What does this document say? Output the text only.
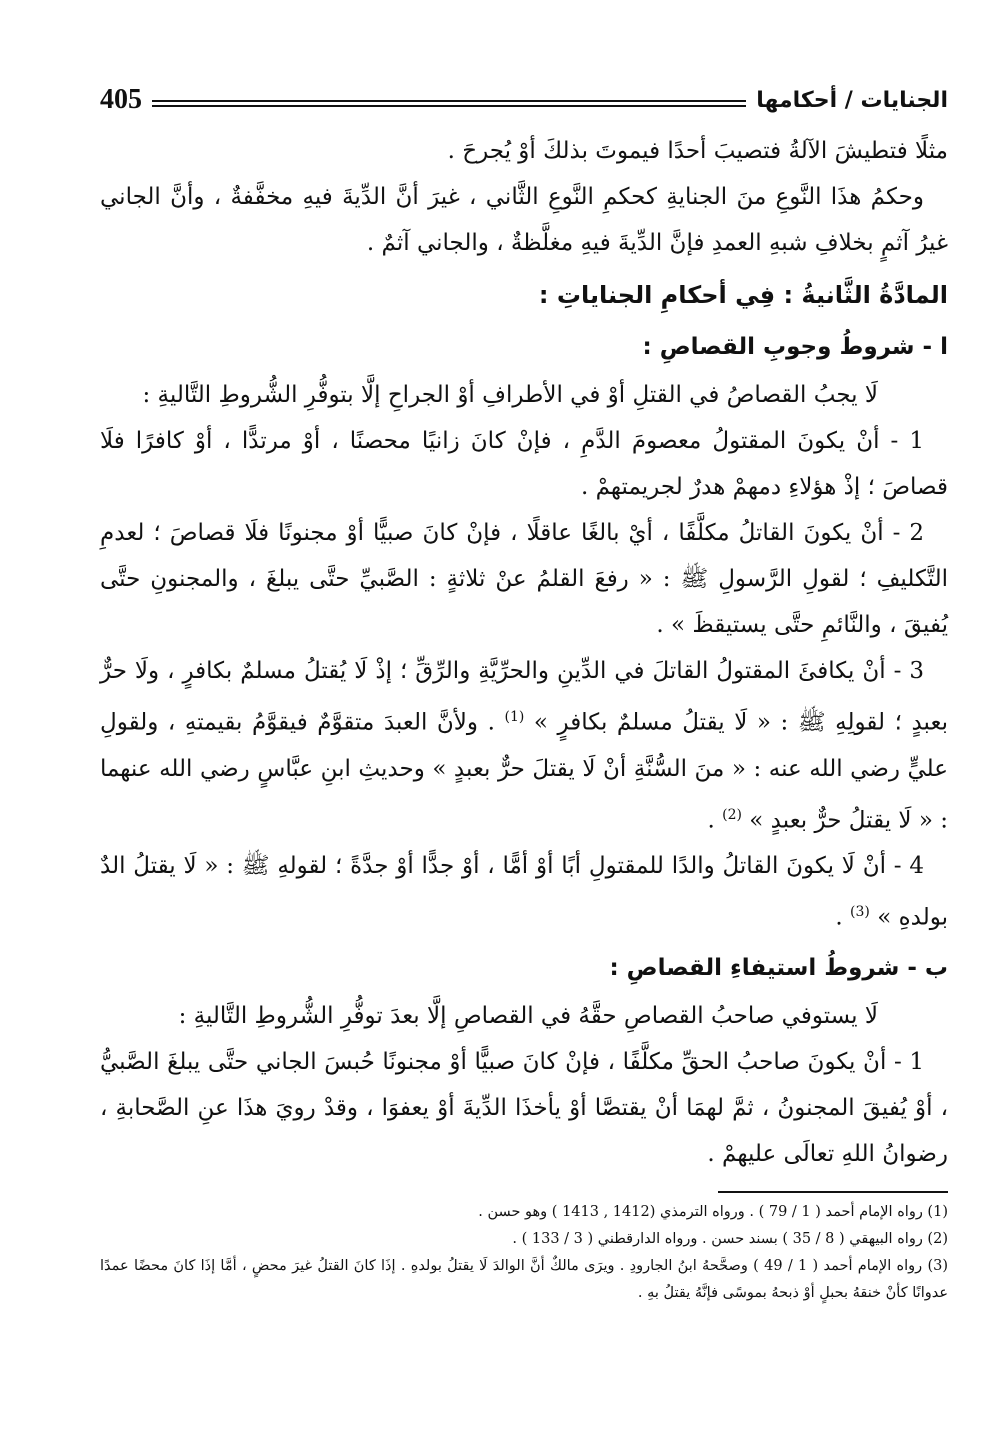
الجنايات / أحكامها
405

مثلًا فتطيشَ الآلةُ فتصيبَ أحدًا فيموتَ بذلكَ أوْ يُجرحَ .

وحكمُ هذَا النَّوعِ منَ الجنايةِ كحكمِ النَّوعِ الثَّاني ، غيرَ أنَّ الدِّيةَ فيهِ مخفَّفةٌ ، وأنَّ الجاني غيرُ آثمٍ بخلافِ شبهِ العمدِ فإنَّ الدِّيةَ فيهِ مغلَّظةٌ ، والجاني آثمٌ .

المادَّةُ الثَّانيةُ : فِي أحكامِ الجناياتِ :
ا - شروطُ وجوبِ القصاصِ :

لَا يجبُ القصاصُ في القتلِ أوْ في الأطرافِ أوْ الجراحِ إلَّا بتوفُّرِ الشُّروطِ التَّاليةِ :

1 - أنْ يكونَ المقتولُ معصومَ الدَّمِ ، فإنْ كانَ زانيًا محصنًا ، أوْ مرتدًّا ، أوْ كافرًا فلَا قصاصَ ؛ إذْ هؤلاءِ دمهمْ هدرٌ لجريمتهمْ .

2 - أنْ يكونَ القاتلُ مكلَّفًا ، أيْ بالغًا عاقلًا ، فإنْ كانَ صبيًّا أوْ مجنونًا فلَا قصاصَ ؛ لعدمِ التَّكليفِ ؛ لقولِ الرَّسولِ ﷺ : « رفعَ القلمُ عنْ ثلاثةٍ : الصَّبيِّ حتَّى يبلغَ ، والمجنونِ حتَّى يُفيقَ ، والنَّائمِ حتَّى يستيقظَ » .

3 - أنْ يكافئَ المقتولُ القاتلَ في الدِّينِ والحرِّيَّةِ والرِّقِّ ؛ إذْ لَا يُقتلُ مسلمٌ بكافرٍ ، ولَا حرٌّ بعبدٍ ؛ لقولِهِ ﷺ : « لَا يقتلُ مسلمٌ بكافرٍ » $^{(1)}$ . ولأنَّ العبدَ متقوَّمٌ فيقوَّمُ بقيمتهِ ، ولقولِ عليٍّ رضي الله عنه : « منَ السُّنَّةِ أنْ لَا يقتلَ حرٌّ بعبدٍ » وحديثِ ابنِ عبَّاسٍ رضي الله عنهما : « لَا يقتلُ حرٌّ بعبدٍ » $^{(2)}$ .

4 - أنْ لَا يكونَ القاتلُ والدًا للمقتولِ أبًا أوْ أمًّا ، أوْ جدًّا أوْ جدَّةً ؛ لقولهِ ﷺ : « لَا يقتلُ الدٌ بولدهِ » $^{(3)}$ .

ب - شروطُ استيفاءِ القصاصِ :

لَا يستوفي صاحبُ القصاصِ حقَّهُ في القصاصِ إلَّا بعدَ توفُّرِ الشُّروطِ التَّاليةِ :

1 - أنْ يكونَ صاحبُ الحقِّ مكلَّفًا ، فإنْ كانَ صبيًّا أوْ مجنونًا حُبسَ الجاني حتَّى يبلغَ الصَّبيُّ ، أوْ يُفيقَ المجنونُ ، ثمَّ لهمَا أنْ يقتصَّا أوْ يأخذَا الدِّيةَ أوْ يعفوَا ، وقدْ رويَ هذَا عنِ الصَّحابةِ ، رضوانُ اللهِ تعالَى عليهمْ .

(1) رواه الإمام أحمد ( 1 / 79 ) . ورواه الترمذي (1412 , 1413 ) وهو حسن .

(2) رواه البيهقي ( 8 / 35 ) بسند حسن . ورواه الدارقطني ( 3 / 133 ) .

(3) رواه الإمام أحمد ( 1 / 49 ) وصحَّحهُ ابنُ الجارودِ . ويرَى مالكٌ أنَّ الوالدَ لَا يقتلُ بولدهِ . إذَا كانَ القتلُ غيرَ محضٍ ، أمَّا إذَا كانَ محضًا عمدًا عدوانًا كأنْ خنقهُ بحبلٍ أوْ ذبحهُ بموسًى فإنَّهُ يقتلُ بهِ .
